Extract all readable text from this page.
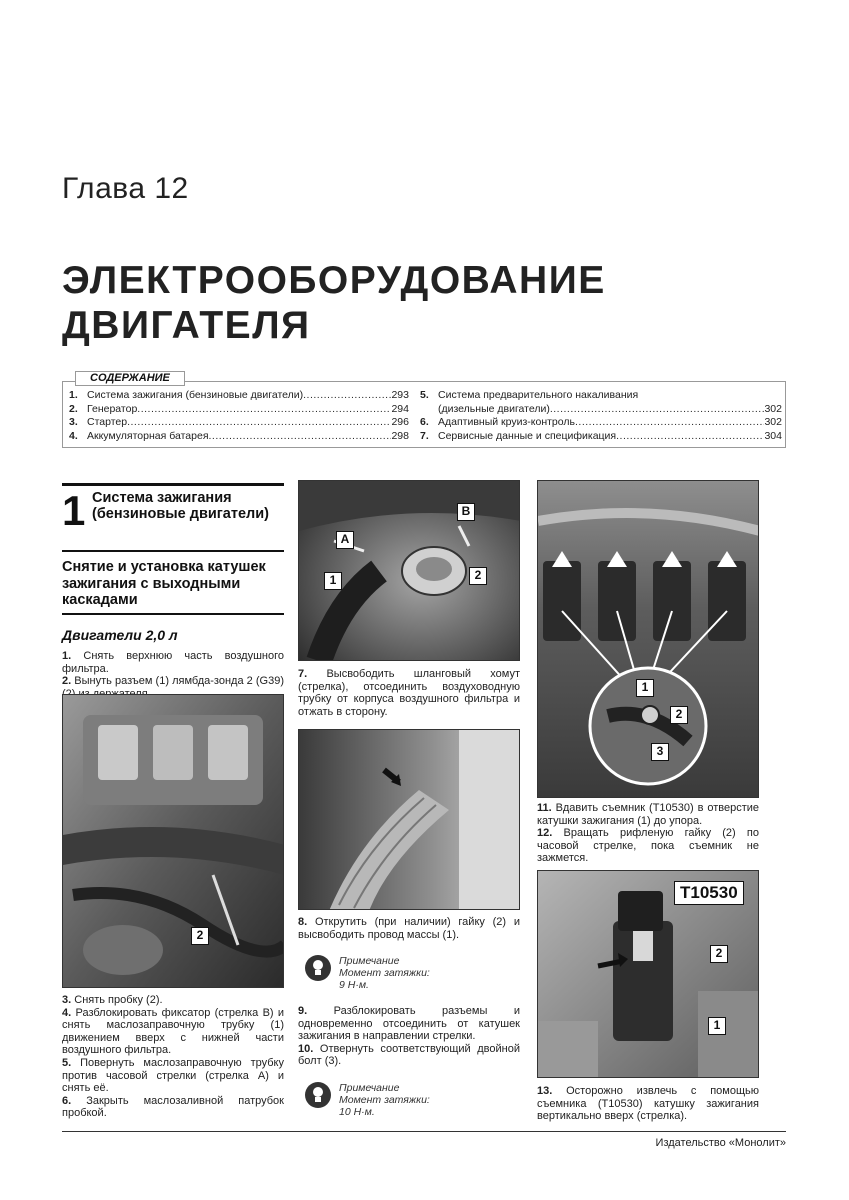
Глава 12
ЭЛЕКТРООБОРУДОВАНИЕ
ДВИГАТЕЛЯ
1. Система зажигания (бензиновые двигатели) .....	293
2. Генератор .....	294
3. Стартер .....	296
4. Аккумуляторная батарея .....	298
5. Система предварительного накаливания
(дизельные двигатели) .....	302
6. Адаптивный круиз-контроль .....	302
7. Сервисные данные и спецификация .....	304
СОДЕРЖАНИЕ
1 Система зажигания (бензиновые двигатели)
Снятие и установка катушек зажигания с выходными каскадами
Двигатели 2,0 л
1. Снять верхнюю часть воздушного фильтра.
2. Вынуть разъем (1) лямбда-зонда 2 (G39)
2
3. Снять пробку (2).
4. Разблокировать фиксатор (стрелка B) и снять маслозаправочную трубку (1) движением вверх с нижней части воздушного фильтра.
5. Повернуть маслозаправочную трубку против часовой стрелки (стрелка A) и снять её.
6. Закрыть маслозаливной патрубок пробкой.
1	2
A
B
7. Высвободить шланговый хомут (стрелка), отсоединить воздуховодную трубку от корпуса воздушного фильтра и отжать в сторону.
8. Открутить (при наличии) гайку (2) и высвободить провод массы (1).
Примечание
Момент затяжки:
9 Н·м.
9. Разблокировать разъемы и одновременно отсоединить от катушек зажигания в направлении стрелки.
10. Отвернуть соответствующий двойной болт (3).
Примечание
Момент затяжки:
10 Н·м.
1
2
3
11. Вдавить съемник (T10530) в отверстие катушки зажигания (1) до упора.
12. Вращать рифленую гайку (2) по часовой стрелке, пока съемник не зажмется.
T10530
2
1
13. Осторожно извлечь с помощью съемника (T10530) катушку зажигания вертикально вверх (стрелка).
Издательство «Монолит»
